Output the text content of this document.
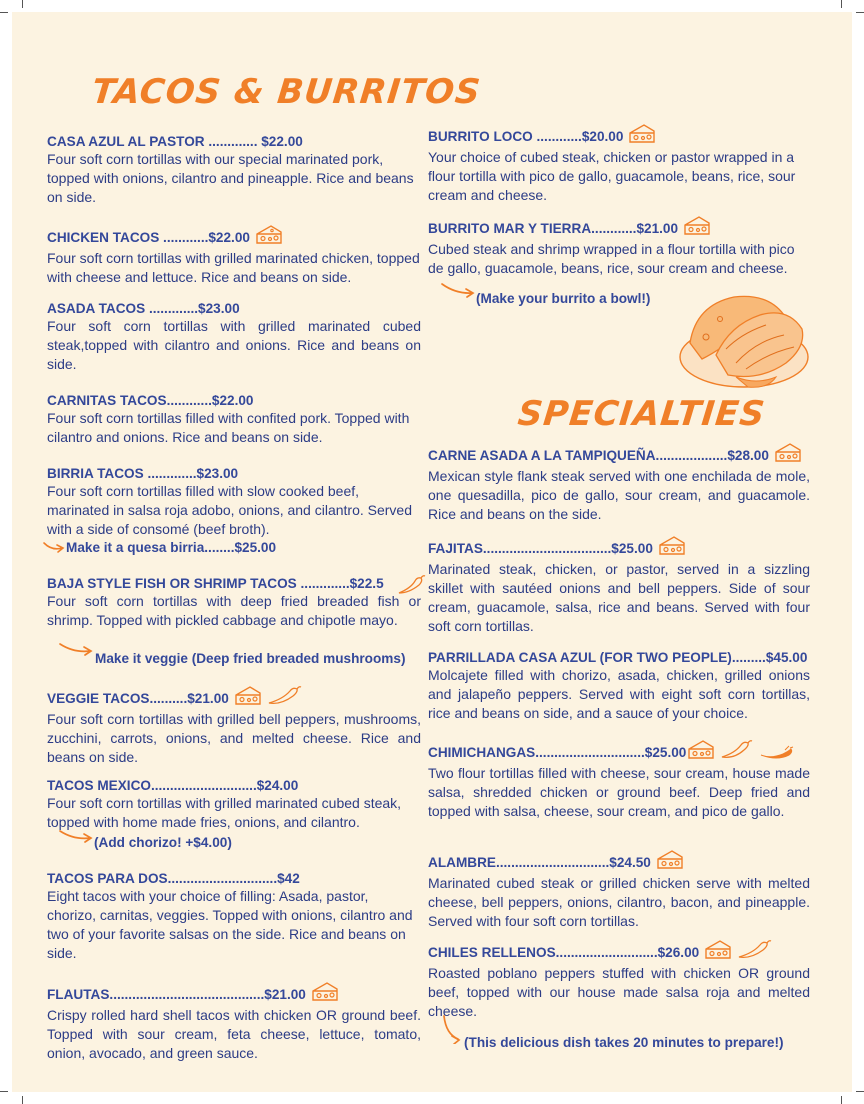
TACOS & BURRITOS
SPECIALTIES

CASA AZUL AL PASTOR ............. $22.00

Four soft corn tortillas with our special marinated pork, topped with onions, cilantro and pineapple. Rice and beans on side.

CHICKEN TACOS ............$22.00

Four soft corn tortillas with grilled marinated chicken, topped with cheese and lettuce. Rice and beans on side.

ASADA TACOS .............$23.00

Four soft corn tortillas with grilled marinated cubed steak,topped with cilantro and onions. Rice and beans on side.

CARNITAS TACOS............$22.00

Four soft corn tortillas filled with confited pork. Topped with cilantro and onions. Rice and beans on side.

BIRRIA TACOS .............$23.00

Four soft corn tortillas filled with slow cooked beef, marinated in salsa roja adobo, onions, and cilantro. Served with a side of consomé (beef broth).

Make it a quesa birria........$25.00

BAJA STYLE FISH OR SHRIMP TACOS .............$22.5

Four soft corn tortillas with deep fried breaded fish or shrimp. Topped with pickled cabbage and chipotle mayo.

Make it veggie (Deep fried breaded mushrooms)

VEGGIE TACOS..........$21.00

Four soft corn tortillas with grilled bell peppers, mushrooms, zucchini, carrots, onions, and melted cheese. Rice and beans on side.

TACOS MEXICO............................$24.00

Four soft corn tortillas with grilled marinated cubed steak, topped with home made fries, onions, and cilantro.

(Add chorizo! +$4.00)

TACOS PARA DOS.............................$42

Eight tacos with your choice of filling: Asada, pastor, chorizo, carnitas, veggies. Topped with onions, cilantro and two of your favorite salsas on the side. Rice and beans on side.

FLAUTAS.........................................$21.00

Crispy rolled hard shell tacos with chicken OR ground beef. Topped with sour cream, feta cheese, lettuce, tomato, onion, avocado, and green sauce.

BURRITO LOCO ............$20.00

Your choice of cubed steak, chicken or pastor wrapped in a flour tortilla with pico de gallo, guacamole, beans, rice, sour cream and cheese.

BURRITO MAR Y TIERRA............$21.00

Cubed steak and shrimp wrapped in a flour tortilla with pico de gallo, guacamole, beans, rice, sour cream and cheese.

(Make your burrito a bowl!)

CARNE ASADA A LA TAMPIQUEÑA...................$28.00

Mexican style flank steak served with one enchilada de mole, one quesadilla, pico de gallo, sour cream, and guacamole. Rice and beans on the side.

FAJITAS..................................$25.00

Marinated steak, chicken, or pastor, served in a sizzling skillet with sautéed onions and bell peppers. Side of sour cream, guacamole, salsa, rice and beans. Served with four soft corn tortillas.

PARRILLADA CASA AZUL (FOR TWO PEOPLE).........$45.00

Molcajete filled with chorizo, asada, chicken, grilled onions and jalapeño peppers. Served with eight soft corn tortillas, rice and beans on side, and a sauce of your choice.

CHIMICHANGAS.............................$25.00

Two flour tortillas filled with cheese, sour cream, house made salsa, shredded chicken or ground beef. Deep fried and topped with salsa, cheese, sour cream, and pico de gallo.

ALAMBRE..............................$24.50

Marinated cubed steak or grilled chicken serve with melted cheese, bell peppers, onions, cilantro, bacon, and pineapple. Served with four soft corn tortillas.

CHILES RELLENOS...........................$26.00

Roasted poblano peppers stuffed with chicken OR ground beef, topped with our house made salsa roja and melted cheese.

(This delicious dish takes 20 minutes to prepare!)
